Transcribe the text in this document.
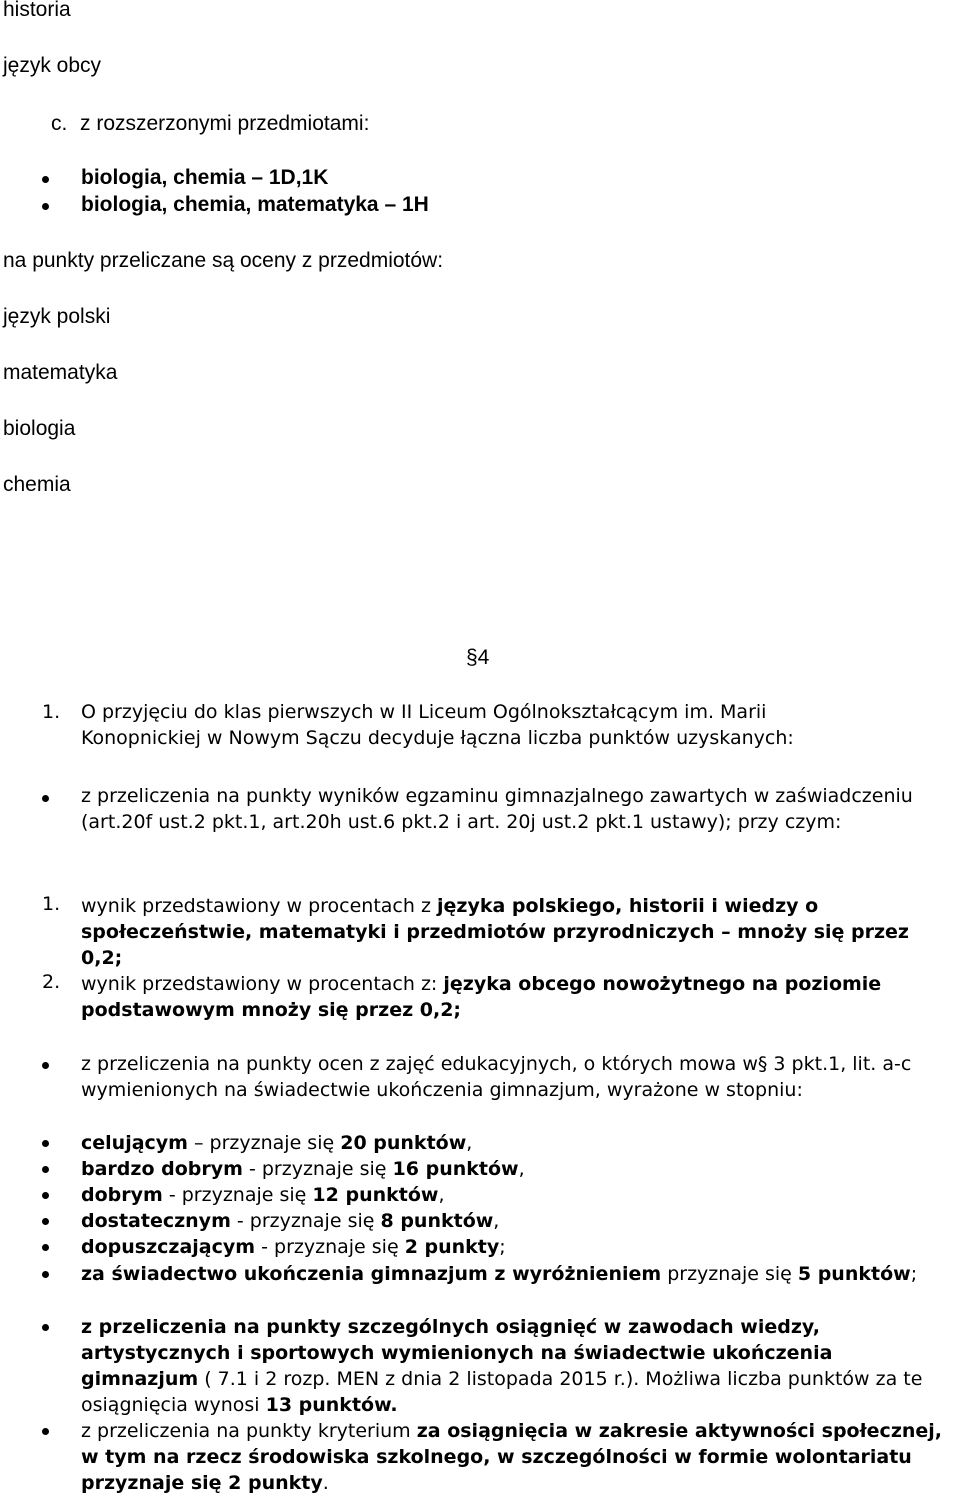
historia
język obcy
c. z rozszerzonymi przedmiotami:
biologia, chemia – 1D,1K
biologia, chemia, matematyka – 1H
na punkty przeliczane są oceny z przedmiotów:
język polski
matematyka
biologia
chemia
§4
1. O przyjęciu do klas pierwszych w II Liceum Ogólnokształcącym im. Marii
Konopnickiej w Nowym Sączu decyduje łączna liczba punktów uzyskanych:
z przeliczenia na punkty wyników egzaminu gimnazjalnego zawartych w zaświadczeniu (art.20f ust.2 pkt.1, art.20h ust.6 pkt.2 i art. 20j ust.2 pkt.1 ustawy); przy czym:
1. wynik przedstawiony w procentach z języka polskiego, historii i wiedzy o społeczeństwie, matematyki i przedmiotów przyrodniczych – mnoży się przez 0,2;
2. wynik przedstawiony w procentach z: języka obcego nowożytnego na poziomie podstawowym mnoży się przez 0,2;
z przeliczenia na punkty ocen z zajęć edukacyjnych, o których mowa w§ 3 pkt.1, lit. a-c wymienionych na świadectwie ukończenia gimnazjum, wyrażone w stopniu:
celującym – przyznaje się 20 punktów,
bardzo dobrym - przyznaje się 16 punktów,
dobrym - przyznaje się 12 punktów,
dostatecznym - przyznaje się 8 punktów,
dopuszczającym - przyznaje się 2 punkty;
za świadectwo ukończenia gimnazjum z wyróżnieniem przyznaje się 5 punktów;
z przeliczenia na punkty szczególnych osiągnięć w zawodach wiedzy, artystycznych i sportowych wymienionych na świadectwie ukończenia gimnazjum ( 7.1 i 2 rozp. MEN z dnia 2 listopada 2015 r.). Możliwa liczba punktów za te osiągnięcia wynosi 13 punktów.
z przeliczenia na punkty kryterium za osiągnięcia w zakresie aktywności społecznej, w tym na rzecz środowiska szkolnego, w szczególności w formie wolontariatu przyznaje się 2 punkty.
